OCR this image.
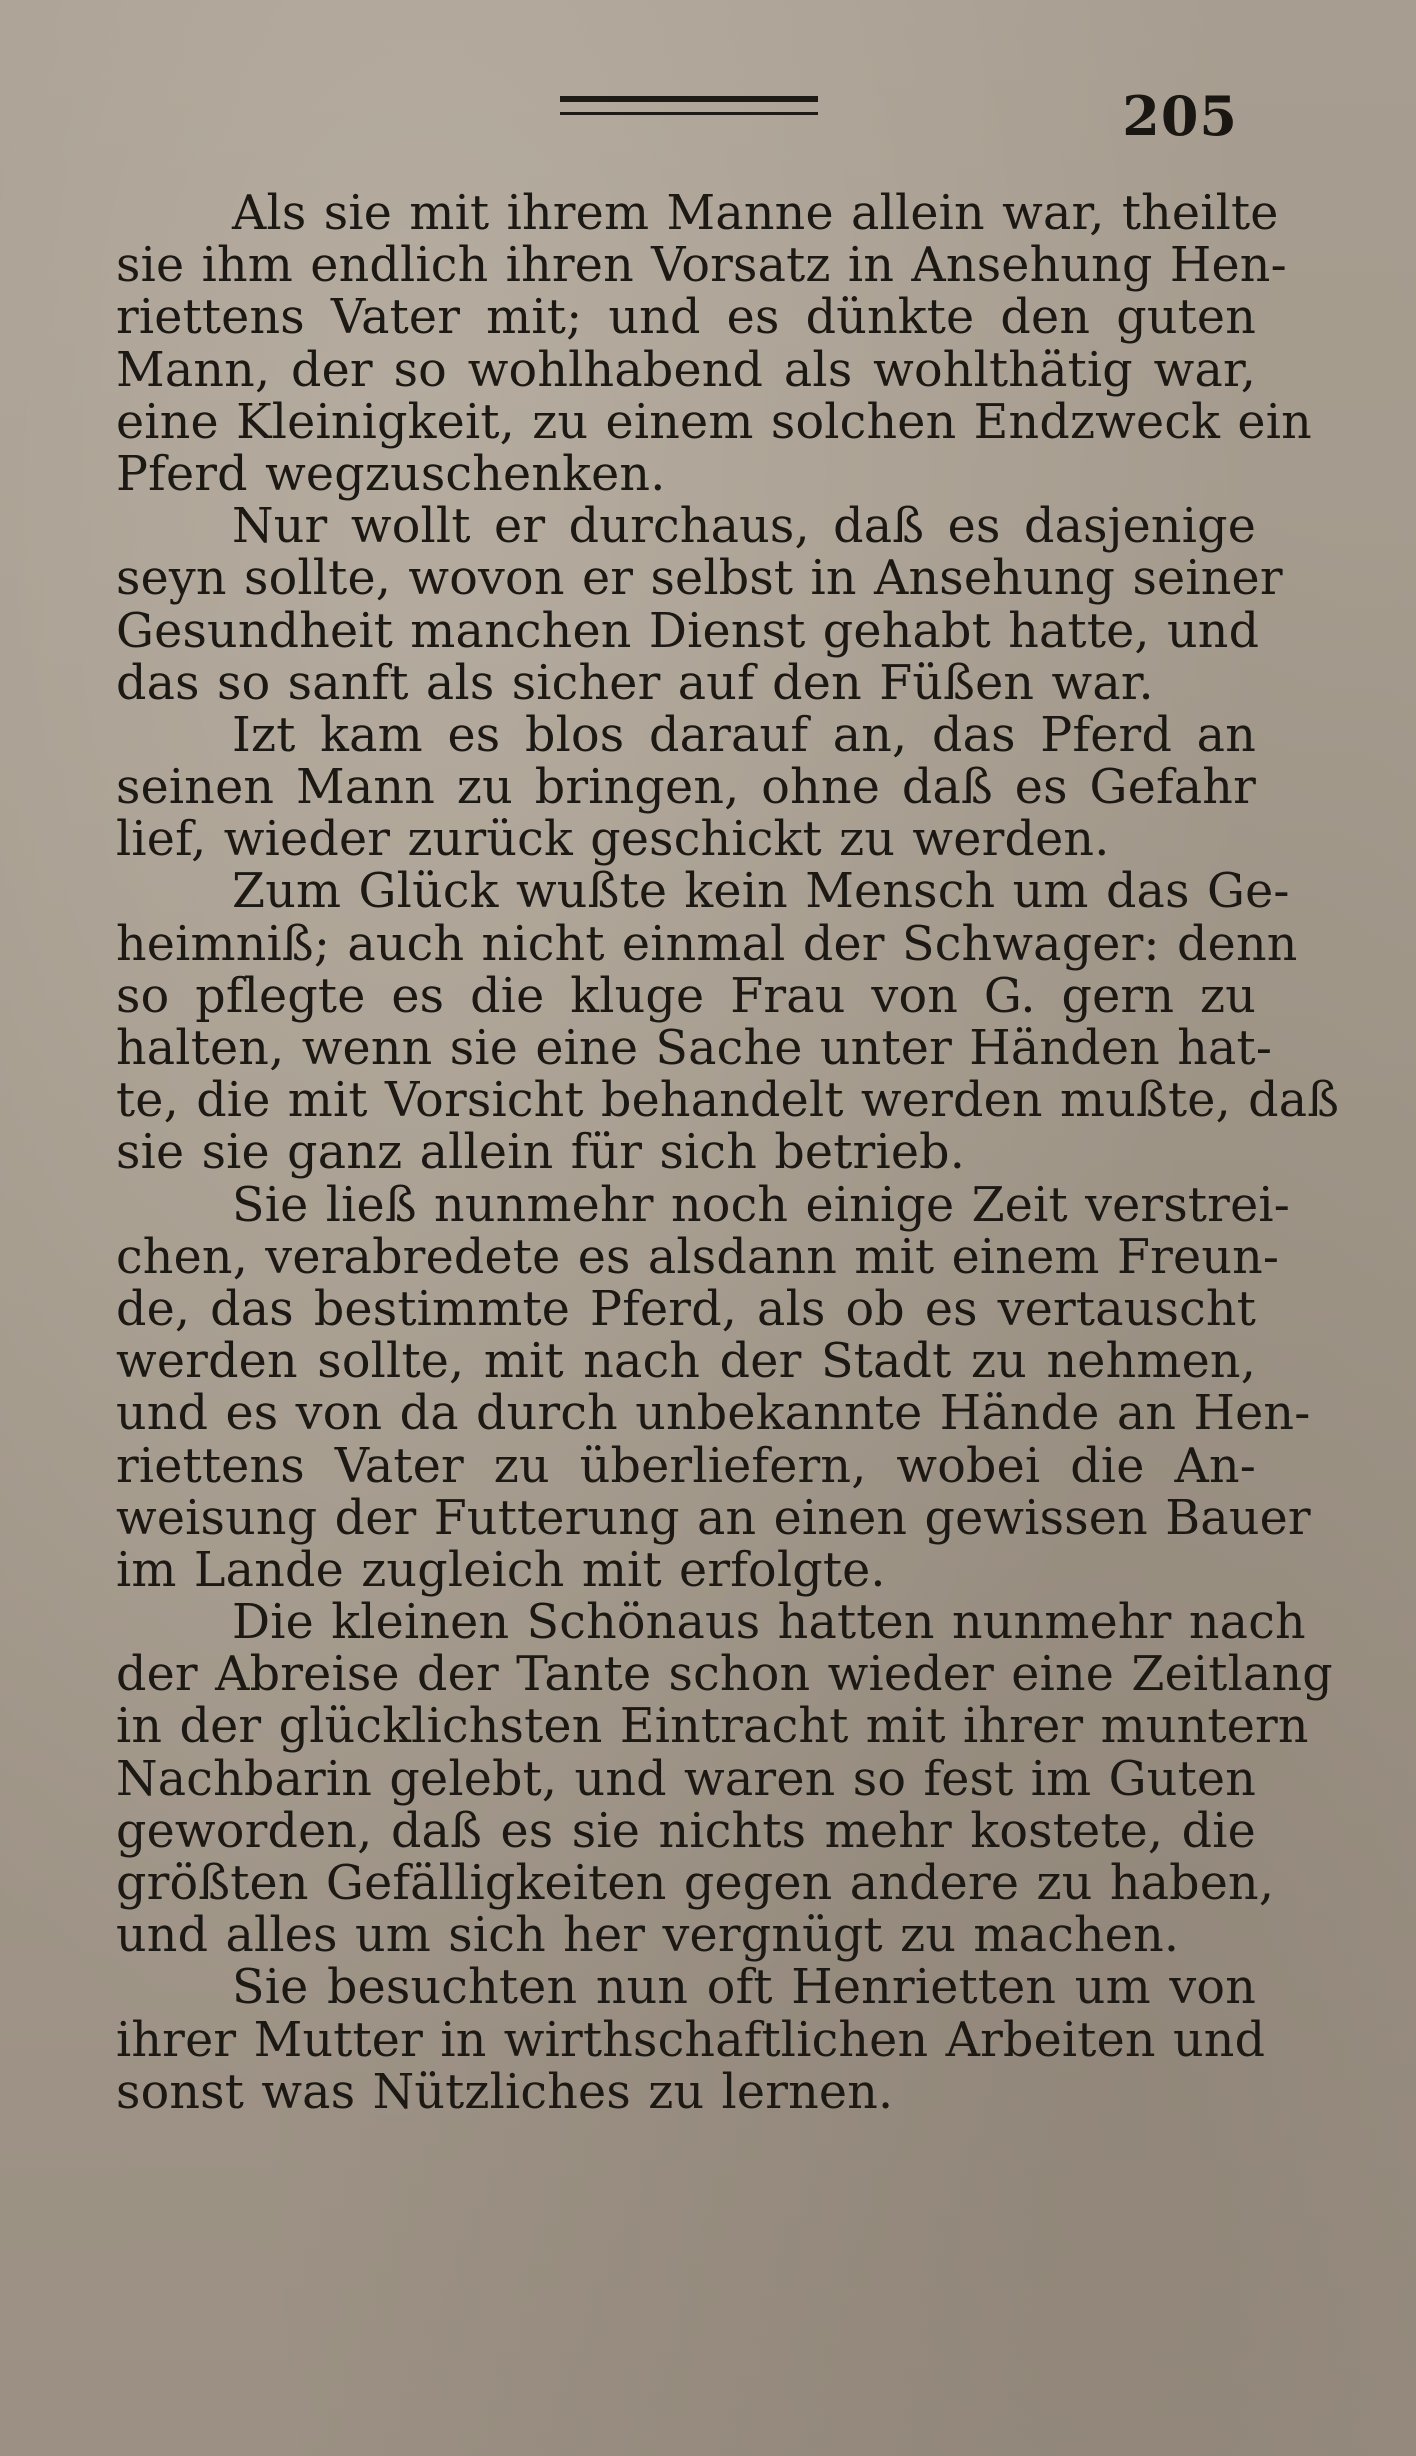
205
Als sie mit ihrem Manne allein war, theilte
sie ihm endlich ihren Vorsatz in Ansehung Hen-
riettens Vater mit; und es dünkte den guten
Mann, der so wohlhabend als wohlthätig war,
eine Kleinigkeit, zu einem solchen Endzweck ein
Pferd wegzuschenken.
Nur wollt er durchaus, daß es dasjenige
seyn sollte, wovon er selbst in Ansehung seiner
Gesundheit manchen Dienst gehabt hatte, und
das so sanft als sicher auf den Füßen war.
Izt kam es blos darauf an, das Pferd an
seinen Mann zu bringen, ohne daß es Gefahr
lief, wieder zurück geschickt zu werden.
Zum Glück wußte kein Mensch um das Ge-
heimniß; auch nicht einmal der Schwager: denn
so pflegte es die kluge Frau von G. gern zu
halten, wenn sie eine Sache unter Händen hat-
te, die mit Vorsicht behandelt werden mußte, daß
sie sie ganz allein für sich betrieb.
Sie ließ nunmehr noch einige Zeit verstrei-
chen, verabredete es alsdann mit einem Freun-
de, das bestimmte Pferd, als ob es vertauscht
werden sollte, mit nach der Stadt zu nehmen,
und es von da durch unbekannte Hände an Hen-
riettens Vater zu überliefern, wobei die An-
weisung der Futterung an einen gewissen Bauer
im Lande zugleich mit erfolgte.
Die kleinen Schönaus hatten nunmehr nach
der Abreise der Tante schon wieder eine Zeitlang
in der glücklichsten Eintracht mit ihrer muntern
Nachbarin gelebt, und waren so fest im Guten
geworden, daß es sie nichts mehr kostete, die
größten Gefälligkeiten gegen andere zu haben,
und alles um sich her vergnügt zu machen.
Sie besuchten nun oft Henrietten um von
ihrer Mutter in wirthschaftlichen Arbeiten und
sonst was Nützliches zu lernen.
